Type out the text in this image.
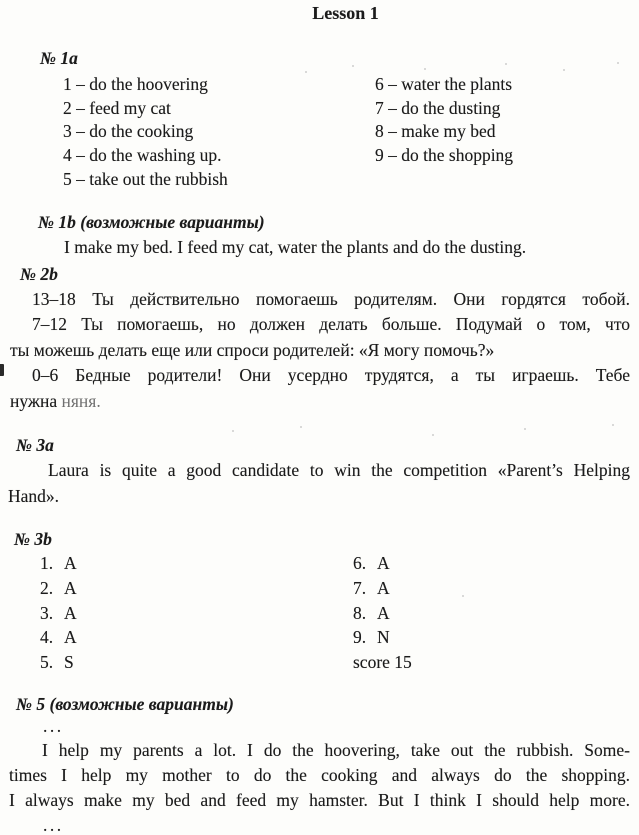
Lesson 1
№ 1a
1 – do the hoovering
2 – feed my cat
3 – do the cooking
4 – do the washing up.
5 – take out the rubbish
6 – water the plants
7 – do the dusting
8 – make my bed
9 – do the shopping
№ 1b (возможные варианты)
I make my bed. I feed my cat, water the plants and do the dusting.
№ 2b
13–18 Ты действительно помогаешь родителям. Они гордятся тобой.
7–12 Ты помогаешь, но должен делать больше. Подумай о том, что
ты можешь делать еще или спроси родителей: «Я могу помочь?»
0–6 Бедные родители! Они усердно трудятся, а ты играешь. Тебе
нужна няня.
№ 3a
Laura is quite a good candidate to win the competition «Parent’s Helping
Hand».
№ 3b
1. A
2. A
3. A
4. A
5. S
6. A
7. A
8. A
9. N
score 15
№ 5 (возможные варианты)
...
I help my parents a lot. I do the hoovering, take out the rubbish. Some-
times I help my mother to do the cooking and always do the shopping.
I always make my bed and feed my hamster. But I think I should help more.
...
